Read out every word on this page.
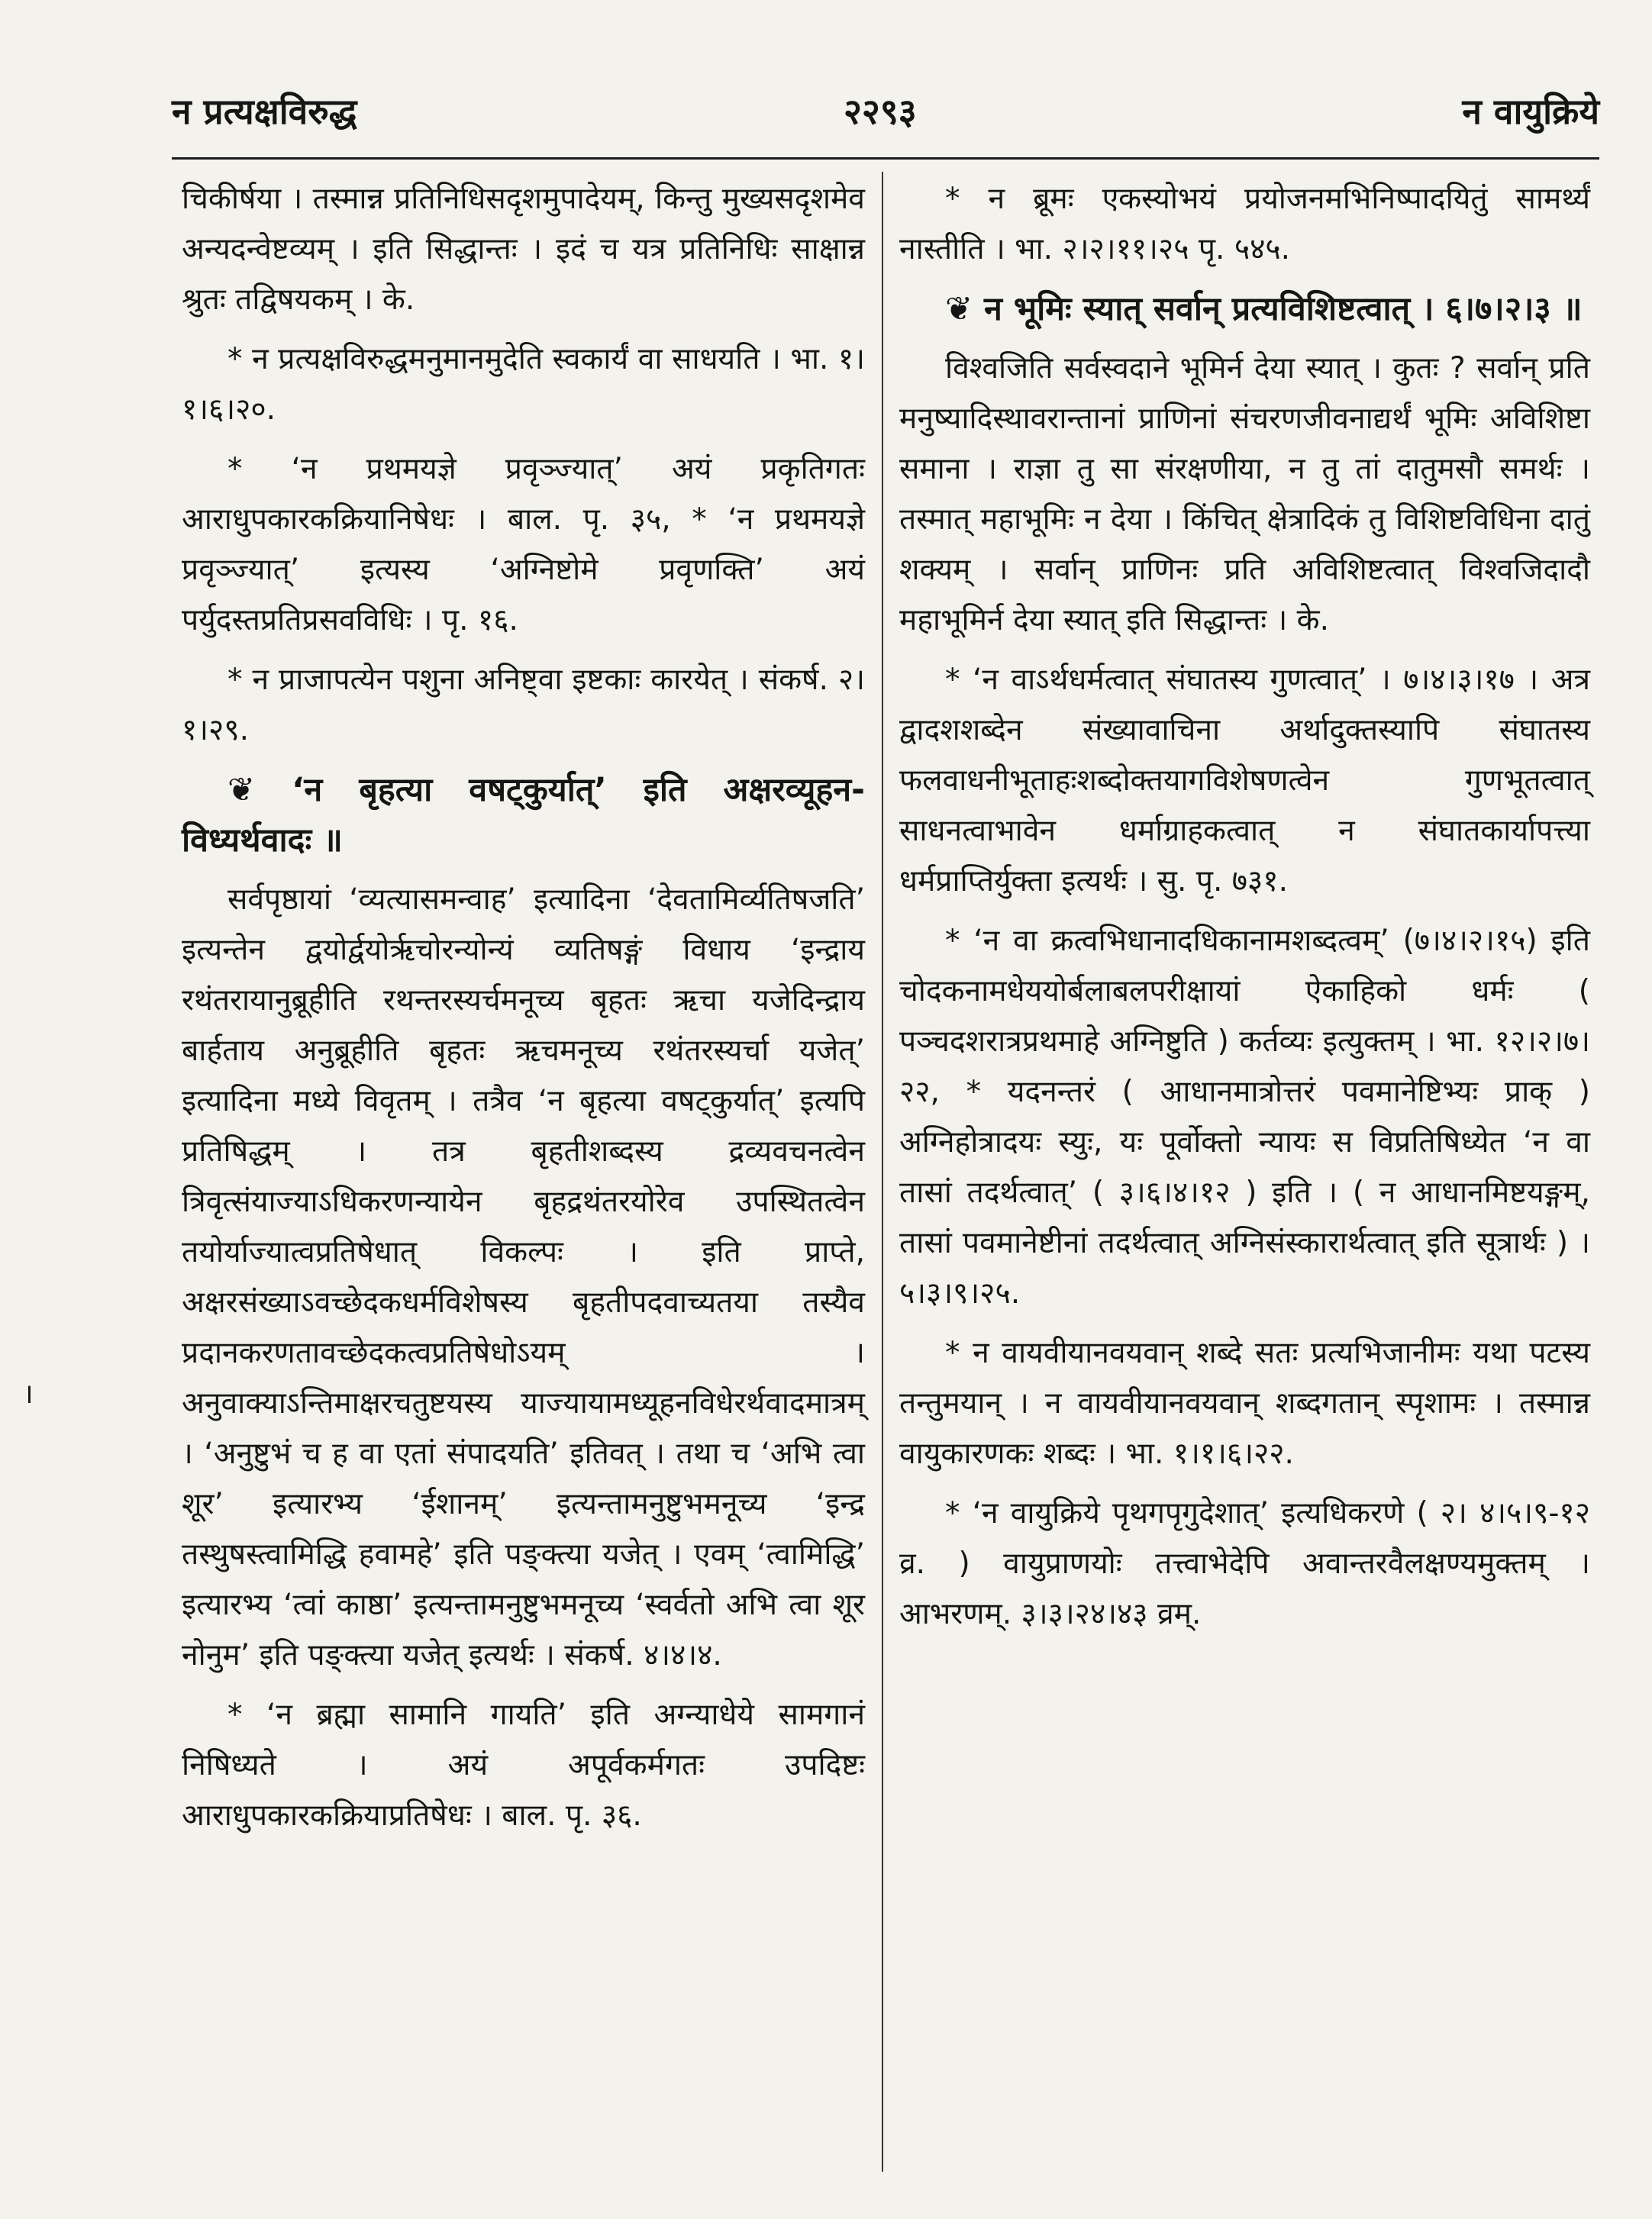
न प्रत्यक्षविरुद्ध	२२९३	न वायुक्रिये
।

चिकीर्षया । तस्मान्न प्रतिनिधिसदृशमुपादेयम्, किन्तु मुख्यसदृशमेव अन्यदन्वेष्टव्यम् । इति सिद्धान्तः । इदं च यत्र प्रतिनिधिः साक्षान्न श्रुतः तद्विषयकम् । के.

* न प्रत्यक्षविरुद्धमनुमानमुदेति स्वकार्यं वा साधयति । भा. १।१।६।२०.

* ‘न प्रथमयज्ञे प्रवृञ्ज्यात्’ अयं प्रकृतिगतः आराधुपकारकक्रियानिषेधः । बाल. पृ. ३५, * ‘न प्रथमयज्ञे प्रवृञ्ज्यात्’ इत्यस्य ‘अग्निष्टोमे प्रवृणक्ति’ अयं पर्युदस्तप्रतिप्रसवविधिः । पृ. १६.

* न प्राजापत्येन पशुना अनिष्ट्वा इष्टकाः कारयेत् । संकर्ष. २।१।२९.

❦ ‘न बृहत्या वषट्कुर्यात्’ इति अक्षरव्यूहन-विध्यर्थवादः ॥

सर्वपृष्ठायां ‘व्यत्यासमन्वाह’ इत्यादिना ‘देवतामिर्व्यतिषजति’ इत्यन्तेन द्वयोर्द्वयोर्ऋचोरन्योन्यं व्यतिषङ्गं विधाय ‘इन्द्राय रथंतरायानुब्रूहीति रथन्तरस्यर्चमनूच्य बृहतः ऋचा यजेदिन्द्राय बार्हताय अनुब्रूहीति बृहतः ऋचमनूच्य रथंतरस्यर्चा यजेत्’ इत्यादिना मध्ये विवृतम् । तत्रैव ‘न बृहत्या वषट्कुर्यात्’ इत्यपि प्रतिषिद्धम् । तत्र बृहतीशब्दस्य द्रव्यवचनत्वेन त्रिवृत्संयाज्याऽधिकरणन्यायेन बृहद्रथंतरयोरेव उपस्थितत्वेन तयोर्याज्यात्वप्रतिषेधात् विकल्पः । इति प्राप्ते, अक्षरसंख्याऽवच्छेदकधर्मविशेषस्य बृहतीपदवाच्यतया तस्यैव प्रदानकरणतावच्छेदकत्वप्रतिषेधोऽयम् । अनुवाक्याऽन्तिमाक्षरचतुष्टयस्य याज्यायामध्यूहनविधेरर्थवादमात्रम् । ‘अनुष्टुभं च ह वा एतां संपादयति’ इतिवत् । तथा च ‘अभि त्वा शूर’ इत्यारभ्य ‘ईशानम्’ इत्यन्तामनुष्टुभमनूच्य ‘इन्द्र तस्थुषस्त्वामिद्धि हवामहे’ इति पङ्क्त्या यजेत् । एवम् ‘त्वामिद्धि’ इत्यारभ्य ‘त्वां काष्ठा’ इत्यन्तामनुष्टुभमनूच्य ‘स्वर्वतो अभि त्वा शूर नोनुम’ इति पङ्क्त्या यजेत् इत्यर्थः । संकर्ष. ४।४।४.

* ‘न ब्रह्मा सामानि गायति’ इति अग्न्याधेये सामगानं निषिध्यते । अयं अपूर्वकर्मगतः उपदिष्टः आराधुपकारकक्रियाप्रतिषेधः । बाल. पृ. ३६.

* न ब्रूमः एकस्योभयं प्रयोजनमभिनिष्पादयितुं सामर्थ्यं नास्तीति । भा. २।२।११।२५ पृ. ५४५.

❦ न भूमिः स्यात् सर्वान् प्रत्यविशिष्टत्वात् । ६।७।२।३ ॥

विश्वजिति सर्वस्वदाने भूमिर्न देया स्यात् । कुतः ? सर्वान् प्रति मनुष्यादिस्थावरान्तानां प्राणिनां संचरणजीवनाद्यर्थं भूमिः अविशिष्टा समाना । राज्ञा तु सा संरक्षणीया, न तु तां दातुमसौ समर्थः । तस्मात् महाभूमिः न देया । किंचित् क्षेत्रादिकं तु विशिष्टविधिना दातुं शक्यम् । सर्वान् प्राणिनः प्रति अविशिष्टत्वात् विश्वजिदादौ महाभूमिर्न देया स्यात् इति सिद्धान्तः । के.

* ‘न वाऽर्थधर्मत्वात् संघातस्य गुणत्वात्’ । ७।४।३।१७ । अत्र द्वादशशब्देन संख्यावाचिना अर्थादुक्तस्यापि संघातस्य फलवाधनीभूताहःशब्दोक्तयागविशेषणत्वेन गुणभूतत्वात् साधनत्वाभावेन धर्माग्राहकत्वात् न संघातकार्यापत्त्या धर्मप्राप्तिर्युक्ता इत्यर्थः । सु. पृ. ७३१.

* ‘न वा क्रत्वभिधानादधिकानामशब्दत्वम्’ (७।४।२।१५) इति चोदकनामधेययोर्बलाबलपरीक्षायां ऐकाहिको धर्मः ( पञ्चदशरात्रप्रथमाहे अग्निष्टुति ) कर्तव्यः इत्युक्तम् । भा. १२।२।७।२२, * यदनन्तरं ( आधानमात्रोत्तरं पवमानेष्टिभ्यः प्राक् ) अग्निहोत्रादयः स्युः, यः पूर्वोक्तो न्यायः स विप्रतिषिध्येत ‘न वा तासां तदर्थत्वात्’ ( ३।६।४।१२ ) इति । ( न आधानमिष्टयङ्गम्, तासां पवमानेष्टीनां तदर्थत्वात् अग्निसंस्कारार्थत्वात् इति सूत्रार्थः ) । ५।३।९।२५.

* न वायवीयानवयवान् शब्दे सतः प्रत्यभिजानीमः यथा पटस्य तन्तुमयान् । न वायवीयानवयवान् शब्दगतान् स्पृशामः । तस्मान्न वायुकारणकः शब्दः । भा. १।१।६।२२.

* ‘न वायुक्रिये पृथगपृगुदेशात्’ इत्यधिकरणे ( २। ४।५।९-१२ व्र. ) वायुप्राणयोः तत्त्वाभेदेपि अवान्तरवैलक्षण्यमुक्तम् । आभरणम्. ३।३।२४।४३ व्रम्.
